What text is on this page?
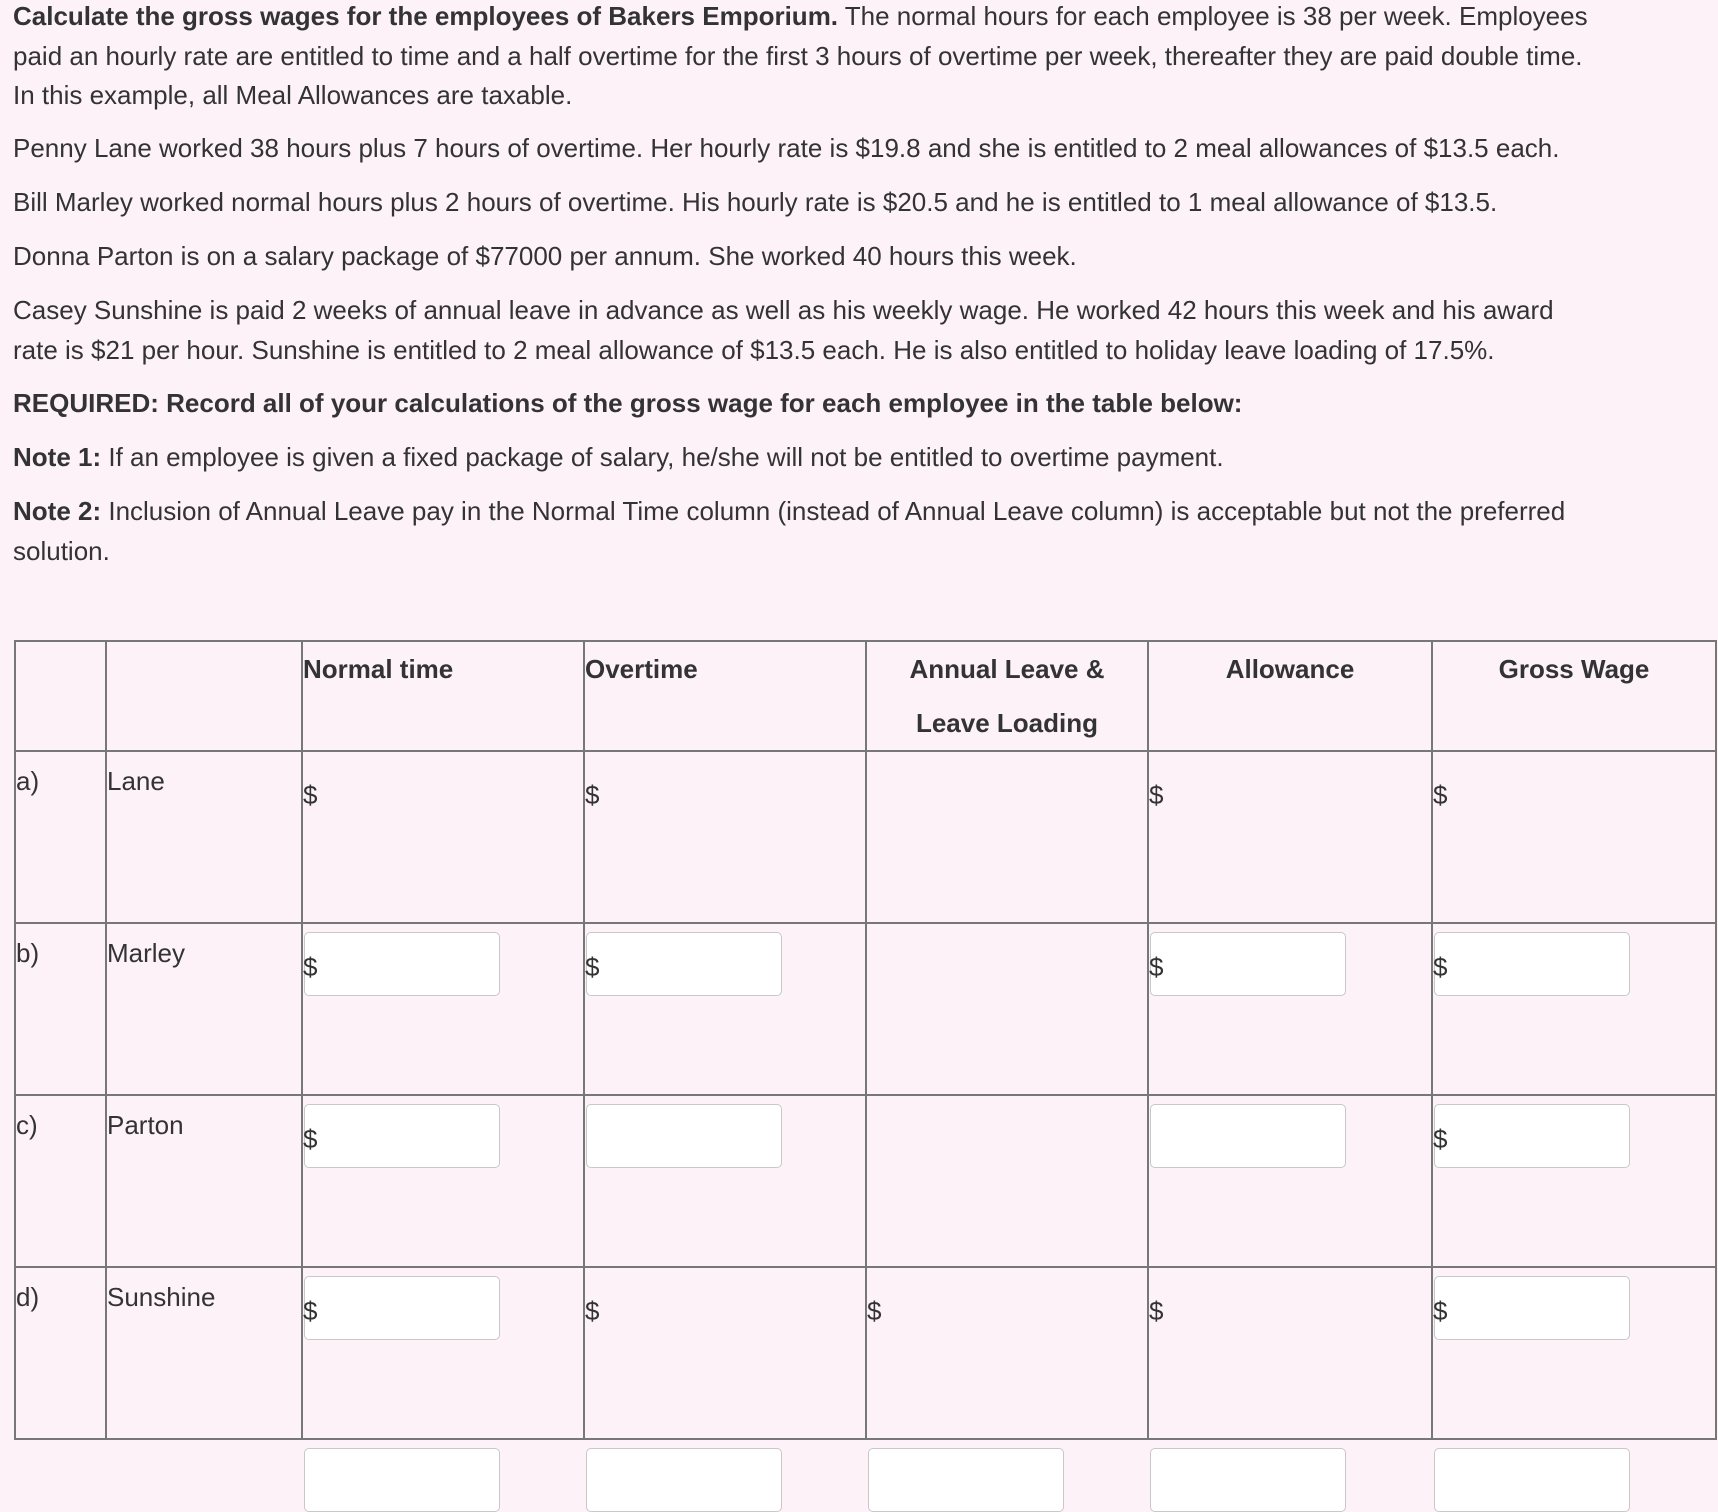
Calculate the gross wages for the employees of Bakers Emporium. The normal hours for each employee is 38 per week. Employees

paid an hourly rate are entitled to time and a half overtime for the first 3 hours of overtime per week, thereafter they are paid double time.

In this example, all Meal Allowances are taxable.

Penny Lane worked 38 hours plus 7 hours of overtime. Her hourly rate is $19.8 and she is entitled to 2 meal allowances of $13.5 each.

Bill Marley worked normal hours plus 2 hours of overtime. His hourly rate is $20.5 and he is entitled to 1 meal allowance of $13.5.

Donna Parton is on a salary package of $77000 per annum. She worked 40 hours this week.

Casey Sunshine is paid 2 weeks of annual leave in advance as well as his weekly wage. He worked 42 hours this week and his award

rate is $21 per hour. Sunshine is entitled to 2 meal allowance of $13.5 each. He is also entitled to holiday leave loading of 17.5%.

REQUIRED: Record all of your calculations of the gross wage for each employee in the table below:

Note 1: If an employee is given a fixed package of salary, he/she will not be entitled to overtime payment.

Note 2: Inclusion of Annual Leave pay in the Normal Time column (instead of Annual Leave column) is acceptable but not the preferred

solution.

		Normal time	Overtime	Annual Leave &
Leave Loading	Allowance	Gross Wage
a)	Lane	$	$		$	$

b)	Marley	$	$		$	$

c)	Parton	$				$

d)	Sunshine	$	$	$	$	$
